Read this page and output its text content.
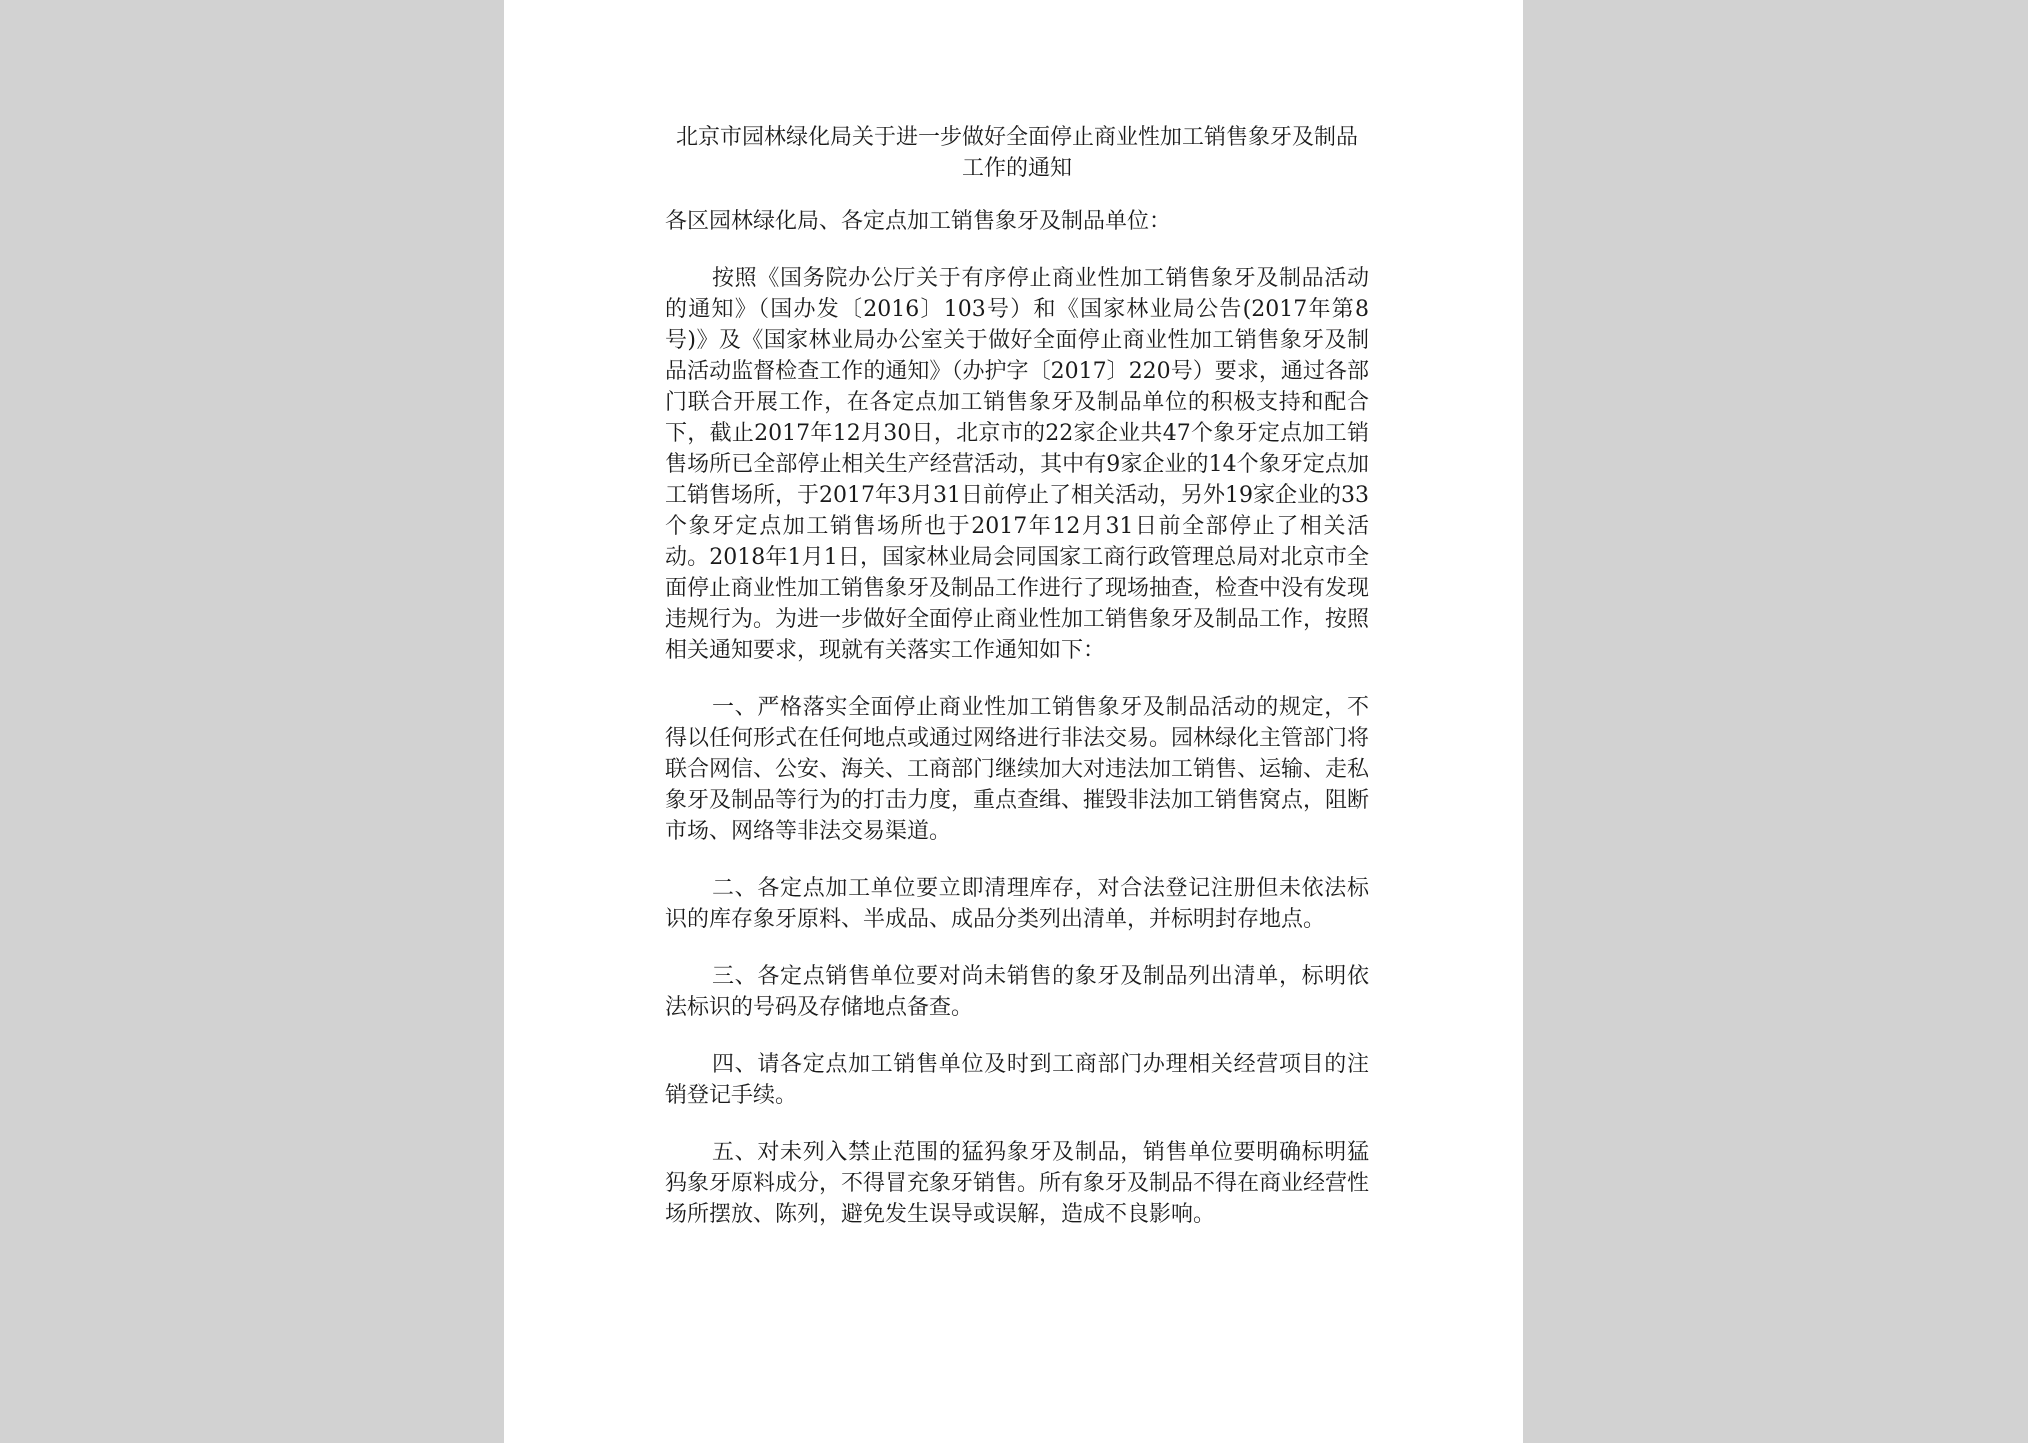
北京市园林绿化局关于进一步做好全面停止商业性加工销售象牙及制品工作的通知
各区园林绿化局、各定点加工销售象牙及制品单位：

按照《国务院办公厅关于有序停止商业性加工销售象牙及制品活动的通知》（国办发〔2016〕103号）和《国家林业局公告(2017年第8号)》及《国家林业局办公室关于做好全面停止商业性加工销售象牙及制品活动监督检查工作的通知》（办护字〔2017〕220号）要求，通过各部门联合开展工作，在各定点加工销售象牙及制品单位的积极支持和配合下，截止2017年12月30日，北京市的22家企业共47个象牙定点加工销售场所已全部停止相关生产经营活动，其中有9家企业的14个象牙定点加工销售场所，于2017年3月31日前停止了相关活动，另外19家企业的33个象牙定点加工销售场所也于2017年12月31日前全部停止了相关活动。2018年1月1日，国家林业局会同国家工商行政管理总局对北京市全面停止商业性加工销售象牙及制品工作进行了现场抽查，检查中没有发现违规行为。为进一步做好全面停止商业性加工销售象牙及制品工作，按照相关通知要求，现就有关落实工作通知如下：

一、严格落实全面停止商业性加工销售象牙及制品活动的规定，不得以任何形式在任何地点或通过网络进行非法交易。园林绿化主管部门将联合网信、公安、海关、工商部门继续加大对违法加工销售、运输、走私象牙及制品等行为的打击力度，重点查缉、摧毁非法加工销售窝点，阻断市场、网络等非法交易渠道。

二、各定点加工单位要立即清理库存，对合法登记注册但未依法标识的库存象牙原料、半成品、成品分类列出清单，并标明封存地点。

三、各定点销售单位要对尚未销售的象牙及制品列出清单，标明依法标识的号码及存储地点备查。

四、请各定点加工销售单位及时到工商部门办理相关经营项目的注销登记手续。

五、对未列入禁止范围的猛犸象牙及制品，销售单位要明确标明猛犸象牙原料成分，不得冒充象牙销售。所有象牙及制品不得在商业经营性场所摆放、陈列，避免发生误导或误解，造成不良影响。
